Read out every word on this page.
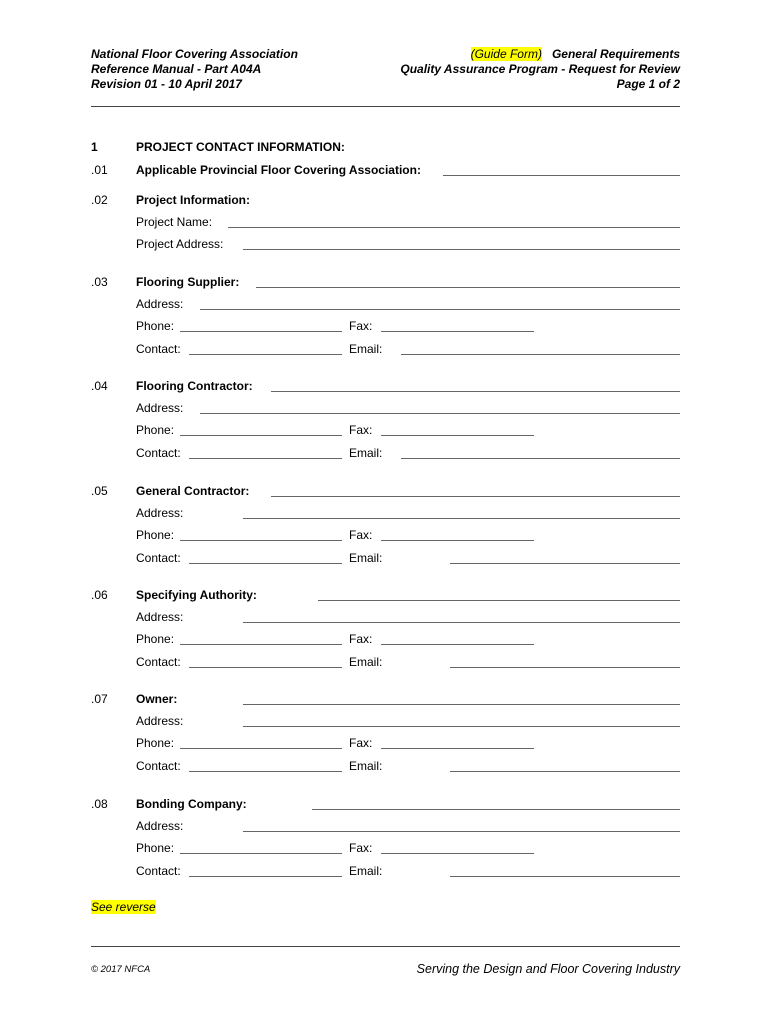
National Floor Covering Association
Reference Manual - Part A04A
Revision 01 - 10 April 2017
(Guide Form) General Requirements
Quality Assurance Program - Request for Review
Page 1 of 2
1	PROJECT CONTACT INFORMATION:
.01 Applicable Provincial Floor Covering Association:
.02 Project Information:
Project Name:
Project Address:
.03 Flooring Supplier:
Address:
Phone:	Fax:
Contact:	Email:
.04 Flooring Contractor:
Address:
Phone:	Fax:
Contact:	Email:
.05 General Contractor:
Address:
Phone:	Fax:
Contact:	Email:
.06 Specifying Authority:
Address:
Phone:	Fax:
Contact:	Email:
.07 Owner:
Address:
Phone:	Fax:
Contact:	Email:
.08 Bonding Company:
Address:
Phone:	Fax:
Contact:	Email:
See reverse
© 2017 NFCA	Serving the Design and Floor Covering Industry
